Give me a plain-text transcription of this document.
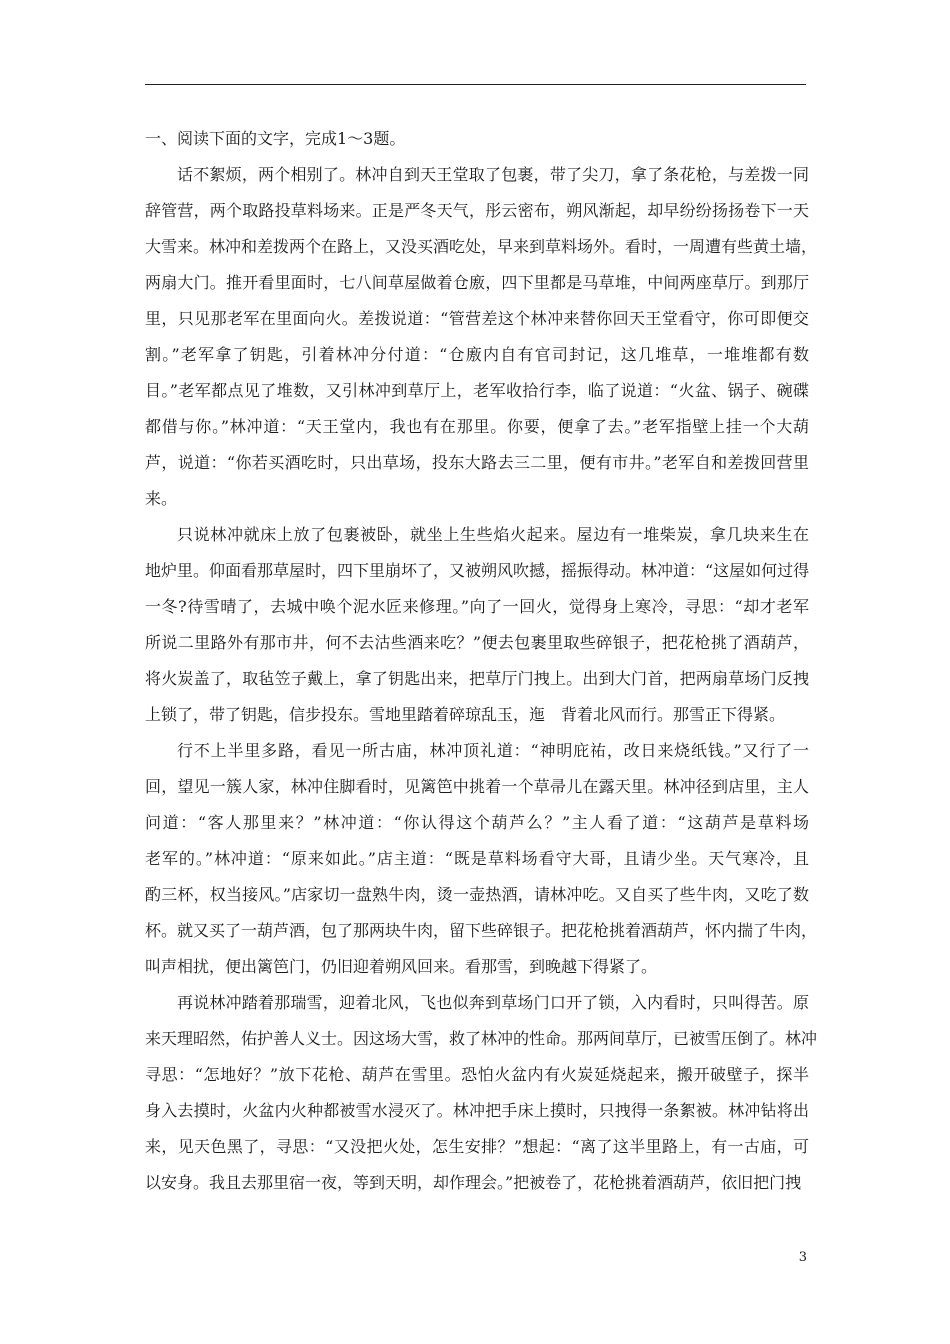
一、阅读下面的文字，完成1～3题。

话不絮烦，两个相别了。林冲自到天王堂取了包裹，带了尖刀，拿了条花枪，与差拨一同
辞管营，两个取路投草料场来。正是严冬天气，彤云密布，朔风渐起，却早纷纷扬扬卷下一天
大雪来。林冲和差拨两个在路上，又没买酒吃处，早来到草料场外。看时，一周遭有些黄土墙，
两扇大门。推开看里面时，七八间草屋做着仓廒，四下里都是马草堆，中间两座草厅。到那厅
里，只见那老军在里面向火。差拨说道：“管营差这个林冲来替你回天王堂看守，你可即便交
割。”老军拿了钥匙，引着林冲分付道：“仓廒内自有官司封记，这几堆草，一堆堆都有数
目。”老军都点见了堆数，又引林冲到草厅上，老军收拾行李，临了说道：“火盆、锅子、碗碟
都借与你。”林冲道：“天王堂内，我也有在那里。你要，便拿了去。”老军指壁上挂一个大葫
芦，说道：“你若买酒吃时，只出草场，投东大路去三二里，便有市井。”老军自和差拨回营里
来。
只说林冲就床上放了包裹被卧，就坐上生些焰火起来。屋边有一堆柴炭，拿几块来生在
地炉里。仰面看那草屋时，四下里崩坏了，又被朔风吹撼，摇振得动。林冲道：“这屋如何过得
一冬?待雪晴了，去城中唤个泥水匠来修理。”向了一回火，觉得身上寒冷，寻思：“却才老军
所说二里路外有那市井，何不去沽些酒来吃？”便去包裹里取些碎银子，把花枪挑了酒葫芦，
将火炭盖了，取毡笠子戴上，拿了钥匙出来，把草厅门拽上。出到大门首，把两扇草场门反拽
上锁了，带了钥匙，信步投东。雪地里踏着碎琼乱玉，迤　背着北风而行。那雪正下得紧。
行不上半里多路，看见一所古庙，林冲顶礼道：“神明庇祐，改日来烧纸钱。”又行了一
回，望见一簇人家，林冲住脚看时，见篱笆中挑着一个草帚儿在露天里。林冲径到店里，主人
问道：“客人那里来？”林冲道：“你认得这个葫芦么？”主人看了道：“这葫芦是草料场
老军的。”林冲道：“原来如此。”店主道：“既是草料场看守大哥，且请少坐。天气寒冷，且
酌三杯，权当接风。”店家切一盘熟牛肉，烫一壶热酒，请林冲吃。又自买了些牛肉，又吃了数
杯。就又买了一葫芦酒，包了那两块牛肉，留下些碎银子。把花枪挑着酒葫芦，怀内揣了牛肉，
叫声相扰，便出篱笆门，仍旧迎着朔风回来。看那雪，到晚越下得紧了。
再说林冲踏着那瑞雪，迎着北风，飞也似奔到草场门口开了锁，入内看时，只叫得苦。原
来天理昭然，佑护善人义士。因这场大雪，救了林冲的性命。那两间草厅，已被雪压倒了。林冲
寻思：“怎地好？”放下花枪、葫芦在雪里。恐怕火盆内有火炭延烧起来，搬开破壁子，探半
身入去摸时，火盆内火种都被雪水浸灭了。林冲把手床上摸时，只拽得一条絮被。林冲钻将出
来，见天色黑了，寻思：“又没把火处，怎生安排？”想起：“离了这半里路上，有一古庙，可
以安身。我且去那里宿一夜，等到天明，却作理会。”把被卷了，花枪挑着酒葫芦，依旧把门拽
3
